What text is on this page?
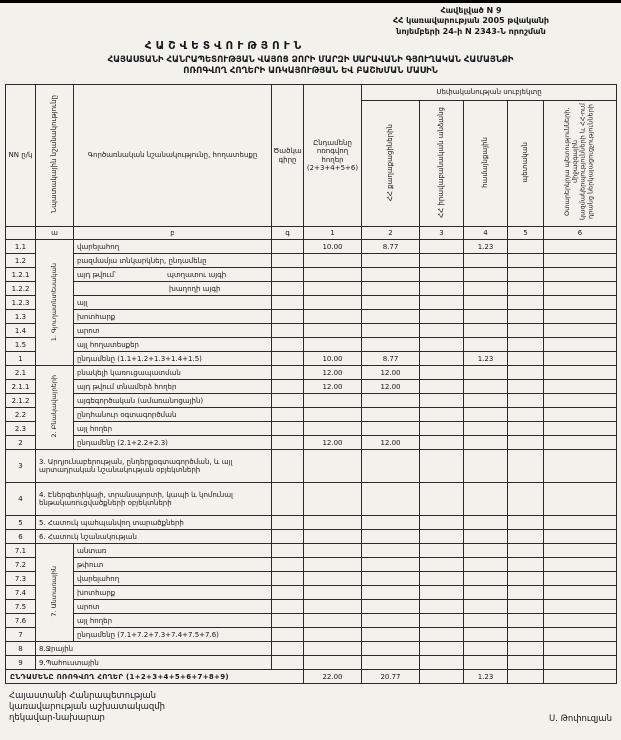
Հավելված N 9
ՀՀ կառավարության 2005 թվականի
նոյեմբերի 24-ի N 2343-Ն որոշման
ՀԱՇՎԵՏՎՈՒԹՅՈՒՆ
ՀԱՅԱՍՏԱՆԻ ՀԱՆՐԱՊԵՏՈՒԹՅԱՆ ՎԱՅՈՑ ՁՈՐԻ ՄԱՐԶԻ ՍԱՐԱՎԱՆԻ ԳՅՈՒՂԱԿԱՆ ՀԱՄԱՅՆՔԻ
ՈՌՈԳՎՈՂ ՀՈՂԵՐԻ ԱՌԿԱՅՈՒԹՅԱՆ ԵՎ ԲԱՇԽՄԱՆ ՄԱՍԻՆ
NN ը/կ	Նպատակային նշանակությունը	Գործառնական նշանակությունը, հողատեսքը	Ծածկագիրը	Ընդամենը ոռոգվող հողեր (2+3+4+5+6)	Սեփականության սուբյեկտը				
					ՀՀ քաղաքացիներին	ՀՀ իրավաբանական անձանց	համայնքային	պետական	Օտարերկրյա պետությունների, միջազգային կազմակերպությունների և ՀՀ-ում դրանց ներկայացուցչությունների
	ա	բ	գ	1	2	3	4	5	6
1.1	1. Գյուղատնտեսական	վարելահող		10.00	8.77		1.23		
1.2		բազմամյա տնկարկներ, ընդամենը							
1.2.1		այդ թվում՝ պտղատու այգի							
1.2.2		խաղողի այգի							
1.2.3		այլ							
1.3		խոտհարք							
1.4		արոտ							
1.5		այլ հողատեսքեր							
1		ընդամենը (1.1+1.2+1.3+1.4+1.5)		10.00	8.77		1.23		
2.1	2. Բնակավայրերի	բնակելի կառուցապատման		12.00	12.00				
2.1.1		այդ թվում տնամերձ հողեր		12.00	12.00				
2.1.2		այգեգործական (ամառանոցային)							
2.2		ընդհանուր օգտագործման							
2.3		այլ հողեր							
2		ընդամենը (2.1+2.2+2.3)		12.00	12.00				
3	3. Արդյունաբերության, ընդերքօգտագործման, և այլ արտադրական նշանակության օբյեկտների								
4	4. Էներգետիկայի, տրանսպորտի, կապի և կոմունալ ենթակառուցվածքների օբյեկտների								
5	5. Հատուկ պահպանվող տարածքների								
6	6. Հատուկ նշանակության								
7.1	7. Անտառային	անտառ							
7.2		թփուտ							
7.3		վարելահող							
7.4		խոտհարք							
7.5		արոտ							
7.6		այլ հողեր							
7		ընդամենը (7.1+7.2+7.3+7.4+7.5+7.6)							
8	8.Ջրային								
9	9.Պահուստային								
ԸՆԴԱՄԵՆԸ ՈՌՈԳՎՈՂ ՀՈՂԵՐ (1+2+3+4+5+6+7+8+9)				22.00	20.77		1.23		
Հայաստանի Հանրապետության
կառավարության աշխատակազմի
ղեկավար-նախարար	Ս. Թոփուզյան
